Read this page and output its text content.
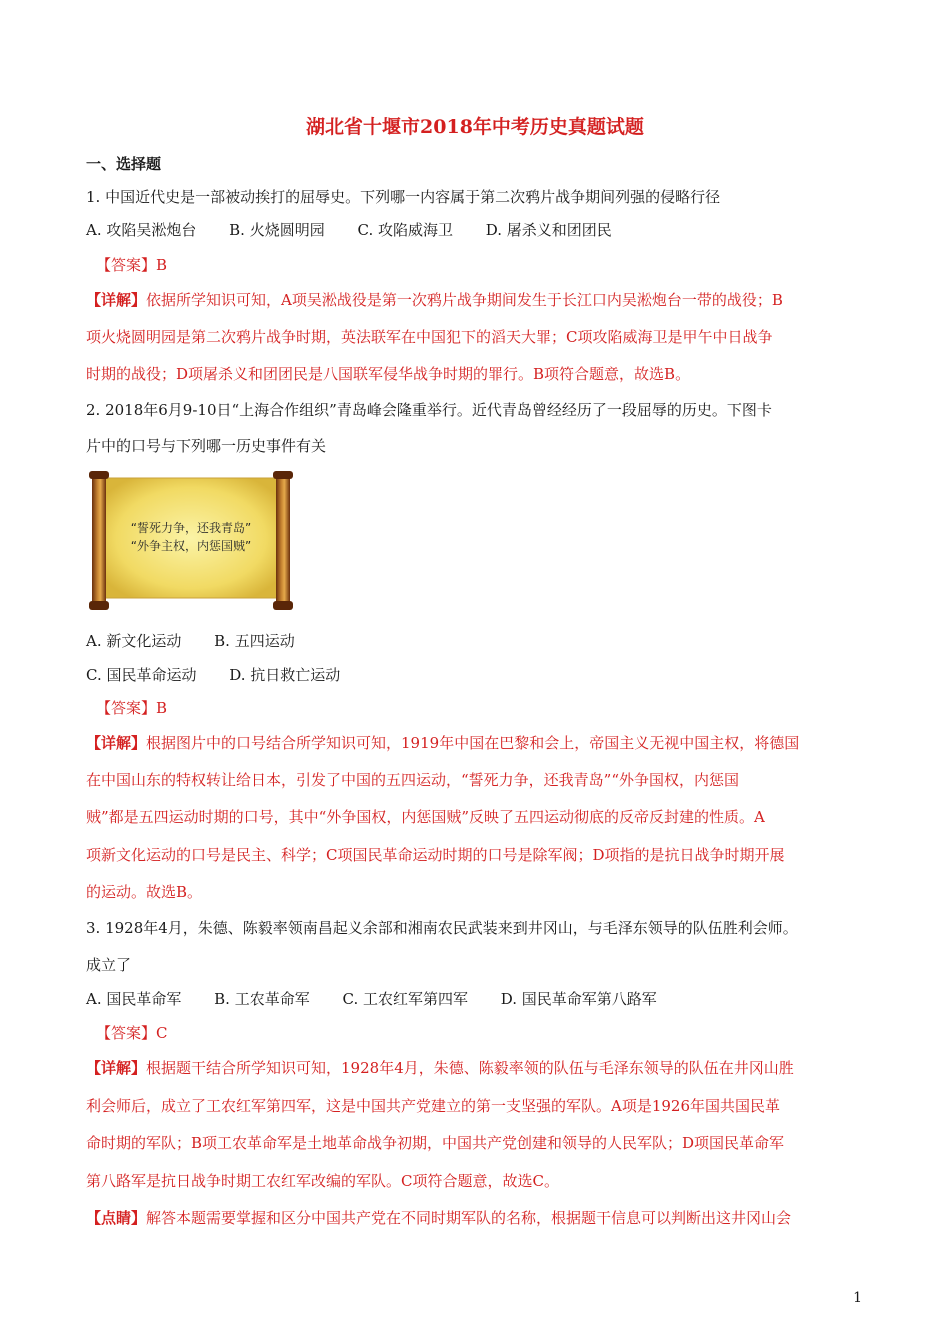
湖北省十堰市2018年中考历史真题试题
一、选择题
1. 中国近代史是一部被动挨打的屈辱史。下列哪一内容属于第二次鸦片战争期间列强的侵略行径
A. 攻陷吴淞炮台 B. 火烧圆明园 C. 攻陷威海卫 D. 屠杀义和团团民
【答案】B
【详解】依据所学知识可知，A项吴淞战役是第一次鸦片战争期间发生于长江口内吴淞炮台一带的战役；B
项火烧圆明园是第二次鸦片战争时期，英法联军在中国犯下的滔天大罪；C项攻陷威海卫是甲午中日战争
时期的战役；D项屠杀义和团团民是八国联军侵华战争时期的罪行。B项符合题意，故选B。
2. 2018年6月9-10日“上海合作组织”青岛峰会隆重举行。近代青岛曾经经历了一段屈辱的历史。下图卡
片中的口号与下列哪一历史事件有关
“誓死力争，还我青岛”
“外争主权，内惩国贼”
A. 新文化运动 B. 五四运动
C. 国民革命运动 D. 抗日救亡运动
【答案】B
【详解】根据图片中的口号结合所学知识可知，1919年中国在巴黎和会上，帝国主义无视中国主权，将德国
在中国山东的特权转让给日本，引发了中国的五四运动，“誓死力争，还我青岛”“外争国权，内惩国
贼”都是五四运动时期的口号，其中“外争国权，内惩国贼”反映了五四运动彻底的反帝反封建的性质。A
项新文化运动的口号是民主、科学；C项国民革命运动时期的口号是除军阀；D项指的是抗日战争时期开展
的运动。故选B。
3. 1928年4月，朱德、陈毅率领南昌起义余部和湘南农民武装来到井冈山，与毛泽东领导的队伍胜利会师。
成立了
A. 国民革命军 B. 工农革命军 C. 工农红军第四军 D. 国民革命军第八路军
【答案】C
【详解】根据题干结合所学知识可知，1928年4月，朱德、陈毅率领的队伍与毛泽东领导的队伍在井冈山胜
利会师后，成立了工农红军第四军，这是中国共产党建立的第一支坚强的军队。A项是1926年国共国民革
命时期的军队；B项工农革命军是土地革命战争初期，中国共产党创建和领导的人民军队；D项国民革命军
第八路军是抗日战争时期工农红军改编的军队。C项符合题意，故选C。
【点睛】解答本题需要掌握和区分中国共产党在不同时期军队的名称，根据题干信息可以判断出这井冈山会
1
